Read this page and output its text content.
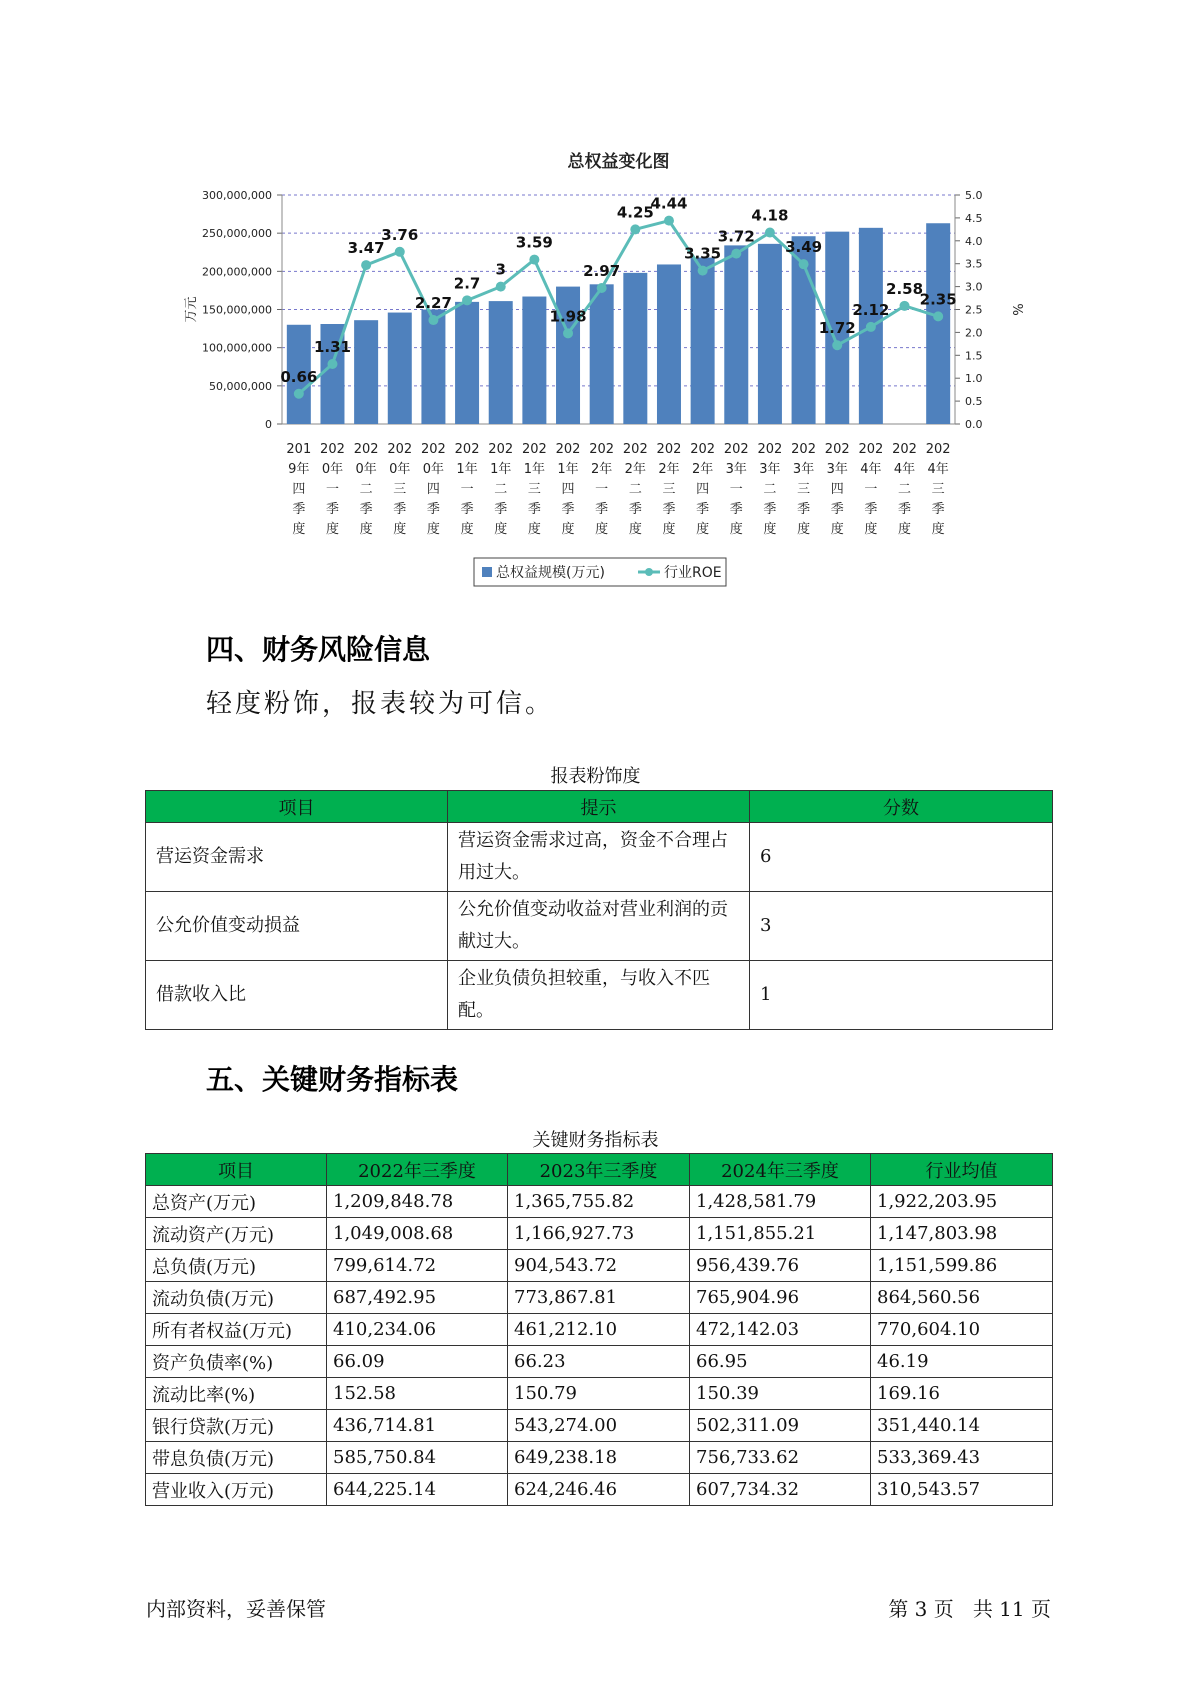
总权益变化图
0
50,000,000
100,000,000
150,000,000
200,000,000
250,000,000
300,000,000
0.0
0.5
1.0
1.5
2.0
2.5
3.0
3.5
4.0
4.5
5.0
万元	%
0.66
1.31
3.47
3.76
2.27
2.7
3
3.59
1.98
2.97
4.25
4.44
3.35
3.72
4.18
3.49
1.72
2.12
2.58
2.35
201
9年
四
季
度
202
0年
一
季
度
202
0年
二
季
度
202
0年
三
季
度
202
0年
四
季
度
202
1年
一
季
度
202
1年
二
季
度
202
1年
三
季
度
202
1年
四
季
度
202
2年
一
季
度
202
2年
二
季
度
202
2年
三
季
度
202
2年
四
季
度
202
3年
一
季
度
202
3年
二
季
度
202
3年
三
季
度
202
3年
四
季
度
202
4年
一
季
度
202
4年
二
季
度
202
4年
三
季
度
总权益规模(万元)	行业ROE
四、财务风险信息
轻度粉饰，报表较为可信。
报表粉饰度
项目	提示	分数
营运资金需求	营运资金需求过高，资金不合理占用过大。	6
公允价值变动损益	公允价值变动收益对营业利润的贡献过大。	3
借款收入比	企业负债负担较重，与收入不匹配。	1
五、关键财务指标表
关键财务指标表
项目	2022年三季度	2023年三季度	2024年三季度	行业均值
总资产(万元)	1,209,848.78	1,365,755.82	1,428,581.79	1,922,203.95
流动资产(万元)	1,049,008.68	1,166,927.73	1,151,855.21	1,147,803.98
总负债(万元)	799,614.72	904,543.72	956,439.76	1,151,599.86
流动负债(万元)	687,492.95	773,867.81	765,904.96	864,560.56
所有者权益(万元)	410,234.06	461,212.10	472,142.03	770,604.10
资产负债率(%)	66.09	66.23	66.95	46.19
流动比率(%)	152.58	150.79	150.39	169.16
银行贷款(万元)	436,714.81	543,274.00	502,311.09	351,440.14
带息负债(万元)	585,750.84	649,238.18	756,733.62	533,369.43
营业收入(万元)	644,225.14	624,246.46	607,734.32	310,543.57
内部资料，妥善保管	第 3 页   共 11 页
